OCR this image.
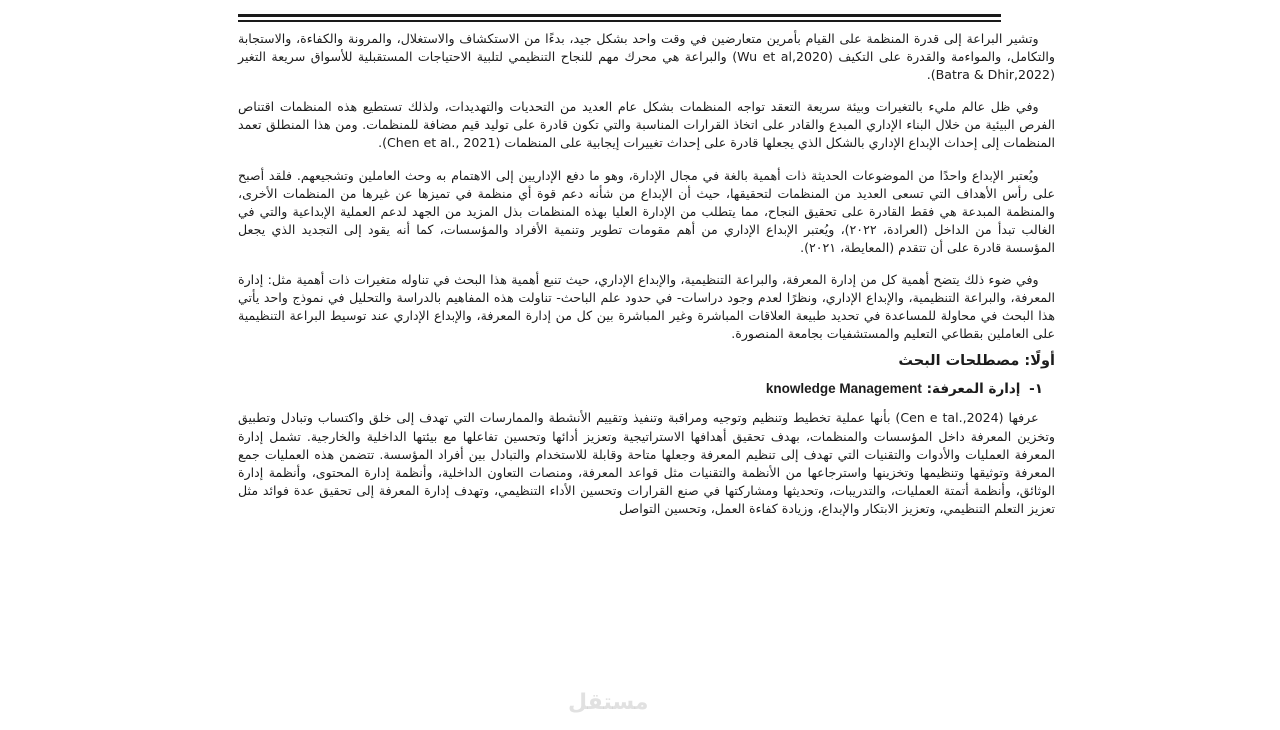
وتشير البراعة إلى قدرة المنظمة على القيام بأمرين متعارضين في وقت واحد بشكل جيد، بدءًا من الاستكشاف والاستغلال، والمرونة والكفاءة، والاستجابة والتكامل، والمواءمة والقدرة على التكيف (Wu et al,2020) والبراعة هي محرك مهم للنجاح التنظيمي لتلبية الاحتياجات المستقبلية للأسواق سريعة التغير (Batra & Dhir,2022).

وفي ظل عالم مليء بالتغيرات وبيئة سريعة التعقد تواجه المنظمات بشكل عام العديد من التحديات والتهديدات، ولذلك تستطيع هذه المنظمات اقتناص الفرص البيئية من خلال البناء الإداري المبدع والقادر على اتخاذ القرارات المناسبة والتي تكون قادرة على توليد قيم مضافة للمنظمات. ومن هذا المنطلق تعمد المنظمات إلى إحداث الإبداع الإداري بالشكل الذي يجعلها قادرة على إحداث تغييرات إيجابية على المنظمات (Chen et al., 2021).

ويُعتبر الإبداع واحدًا من الموضوعات الحديثة ذات أهمية بالغة في مجال الإدارة، وهو ما دفع الإداريين إلى الاهتمام به وحث العاملين وتشجيعهم. فلقد أصبح على رأس الأهداف التي تسعى العديد من المنظمات لتحقيقها، حيث أن الإبداع من شأنه دعم قوة أي منظمة في تميزها عن غيرها من المنظمات الأخرى، والمنظمة المبدعة هي فقط القادرة على تحقيق النجاح، مما يتطلب من الإدارة العليا بهذه المنظمات بذل المزيد من الجهد لدعم العملية الإبداعية والتي في الغالب تبدأ من الداخل (العرادة، ٢٠٢٢)، ويُعتبر الإبداع الإداري من أهم مقومات تطوير وتنمية الأفراد والمؤسسات، كما أنه يقود إلى التجديد الذي يجعل المؤسسة قادرة على أن تتقدم (المعايطة، ٢٠٢١).

وفي ضوء ذلك يتضح أهمية كل من إدارة المعرفة، والبراعة التنظيمية، والإبداع الإداري، حيث تنبع أهمية هذا البحث في تناوله متغيرات ذات أهمية مثل: إدارة المعرفة، والبراعة التنظيمية، والإبداع الإداري، ونظرًا لعدم وجود دراسات- في حدود علم الباحث- تناولت هذه المفاهيم بالدراسة والتحليل في نموذج واحد يأتي هذا البحث في محاولة للمساعدة في تحديد طبيعة العلاقات المباشرة وغير المباشرة بين كل من إدارة المعرفة، والإبداع الإداري عند توسيط البراعة التنظيمية على العاملين بقطاعي التعليم والمستشفيات بجامعة المنصورة.

أولًا: مصطلحات البحث

١- إدارة المعرفة: knowledge Management

عرفها (Cen e tal.,2024) بأنها عملية تخطيط وتنظيم وتوجيه ومراقبة وتنفيذ وتقييم الأنشطة والممارسات التي تهدف إلى خلق واكتساب وتبادل وتطبيق وتخزين المعرفة داخل المؤسسات والمنظمات، بهدف تحقيق أهدافها الاستراتيجية وتعزيز أدائها وتحسين تفاعلها مع بيئتها الداخلية والخارجية. تشمل إدارة المعرفة العمليات والأدوات والتقنيات التي تهدف إلى تنظيم المعرفة وجعلها متاحة وقابلة للاستخدام والتبادل بين أفراد المؤسسة. تتضمن هذه العمليات جمع المعرفة وتوثيقها وتنظيمها وتخزينها واسترجاعها من الأنظمة والتقنيات مثل قواعد المعرفة، ومنصات التعاون الداخلية، وأنظمة إدارة المحتوى، وأنظمة إدارة الوثائق، وأنظمة أتمتة العمليات، والتدريبات، وتحديثها ومشاركتها في صنع القرارات وتحسين الأداء التنظيمي، وتهدف إدارة المعرفة إلى تحقيق عدة فوائد مثل تعزيز التعلم التنظيمي، وتعزيز الابتكار والإبداع، وزيادة كفاءة العمل، وتحسين التواصل

مستقل
